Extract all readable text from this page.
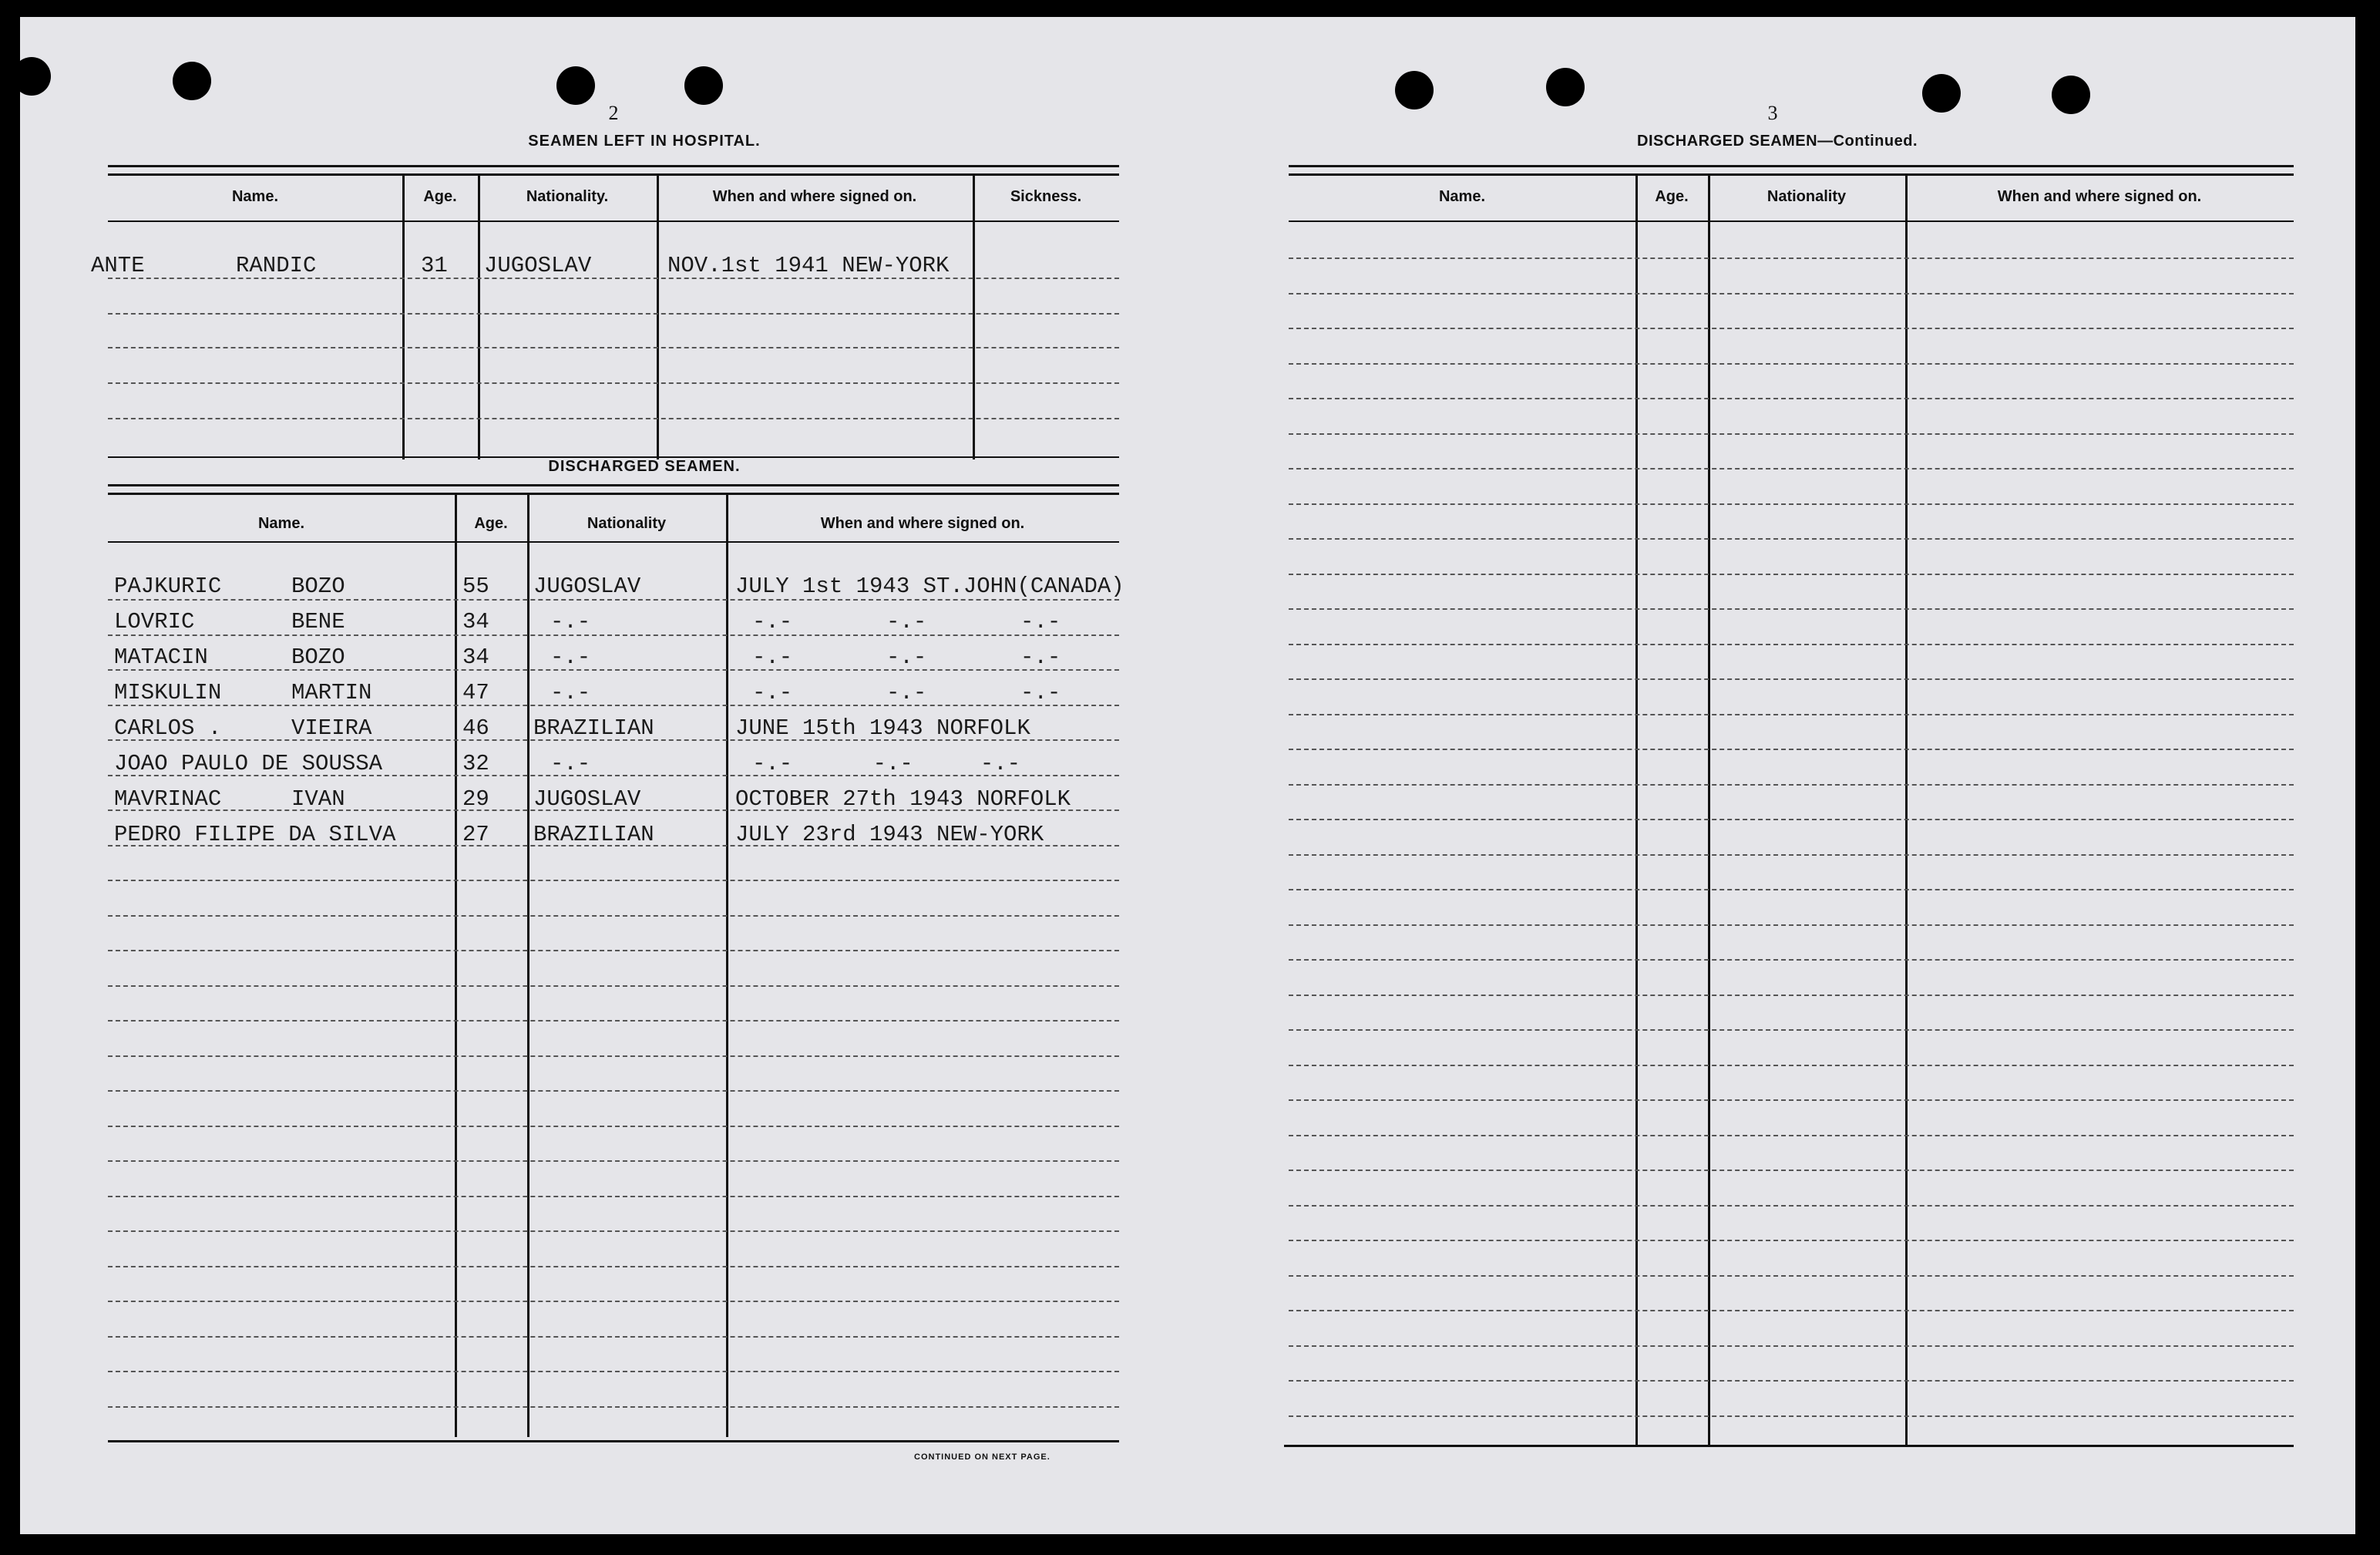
2
SEAMEN LEFT IN HOSPITAL.
Name.	Age.	Nationality.	When and where signed on.	Sickness.
ANTE	RANDIC	31 JUGOSLAV	NOV.1st 1941 NEW-YORK
DISCHARGED SEAMEN.
Name.	Age.	Nationality	When and where signed on.
PAJKURIC	BOZO	55 JUGOSLAV	JULY 1st 1943 ST.JOHN(CANADA)
LOVRIC	BENE	34	-.-	-.-       -.-       -.-
MATACIN	BOZO	34	-.-	-.-       -.-       -.-
MISKULIN	MARTIN	47	-.-	-.-       -.-       -.-
CARLOS .	VIEIRA	46 BRAZILIAN	JUNE 15th 1943 NORFOLK
JOAO PAULO DE SOUSSA	32	-.-	-.-      -.-     -.-
MAVRINAC	IVAN	29 JUGOSLAV	OCTOBER 27th 1943 NORFOLK
PEDRO FILIPE DA SILVA	27 BRAZILIAN	JULY 23rd 1943 NEW-YORK
CONTINUED ON NEXT PAGE.
3
DISCHARGED SEAMEN—Continued.
Name.	Age.	Nationality	When and where signed on.
